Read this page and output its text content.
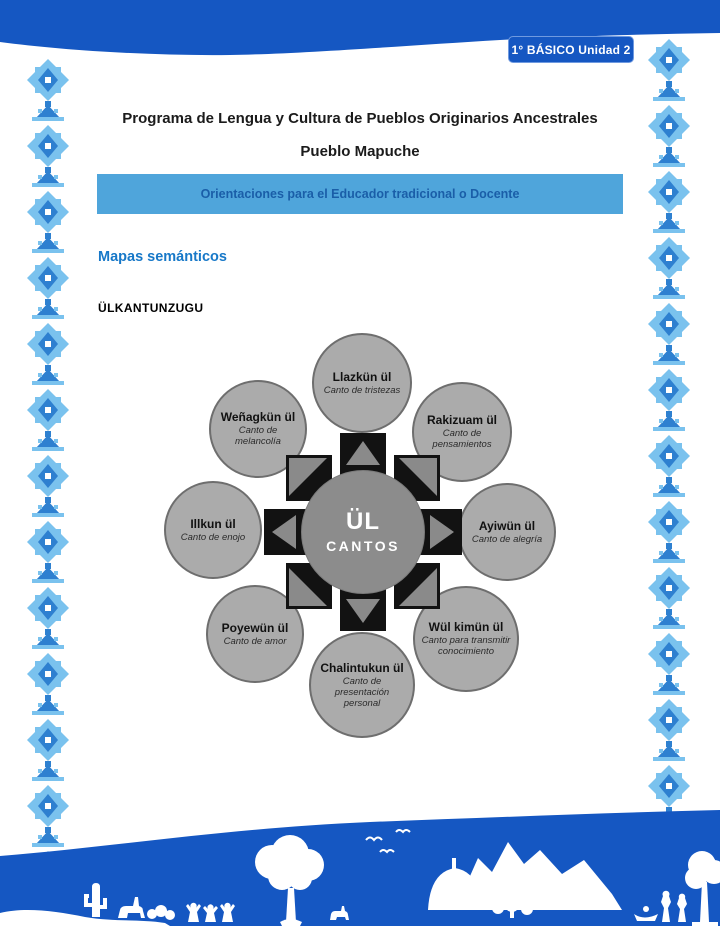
1° BÁSICO Unidad 2
Programa de Lengua y Cultura de Pueblos Originarios Ancestrales
Pueblo Mapuche
Orientaciones para el Educador tradicional o Docente
Mapas semánticos
ÜLKANTUNZUGU
Llazkün ül
Canto de tristezas
Rakizuam ül
Canto de pensamientos
Ayiwün ül
Canto de alegría
Wül kimün ül
Canto para transmitir conocimiento
Chalintukun ül
Canto de presentación personal
Poyewün ül
Canto de amor
Illkun ül
Canto de enojo
Weñagkün ül
Canto de melancolía
ÜL
CANTOS
